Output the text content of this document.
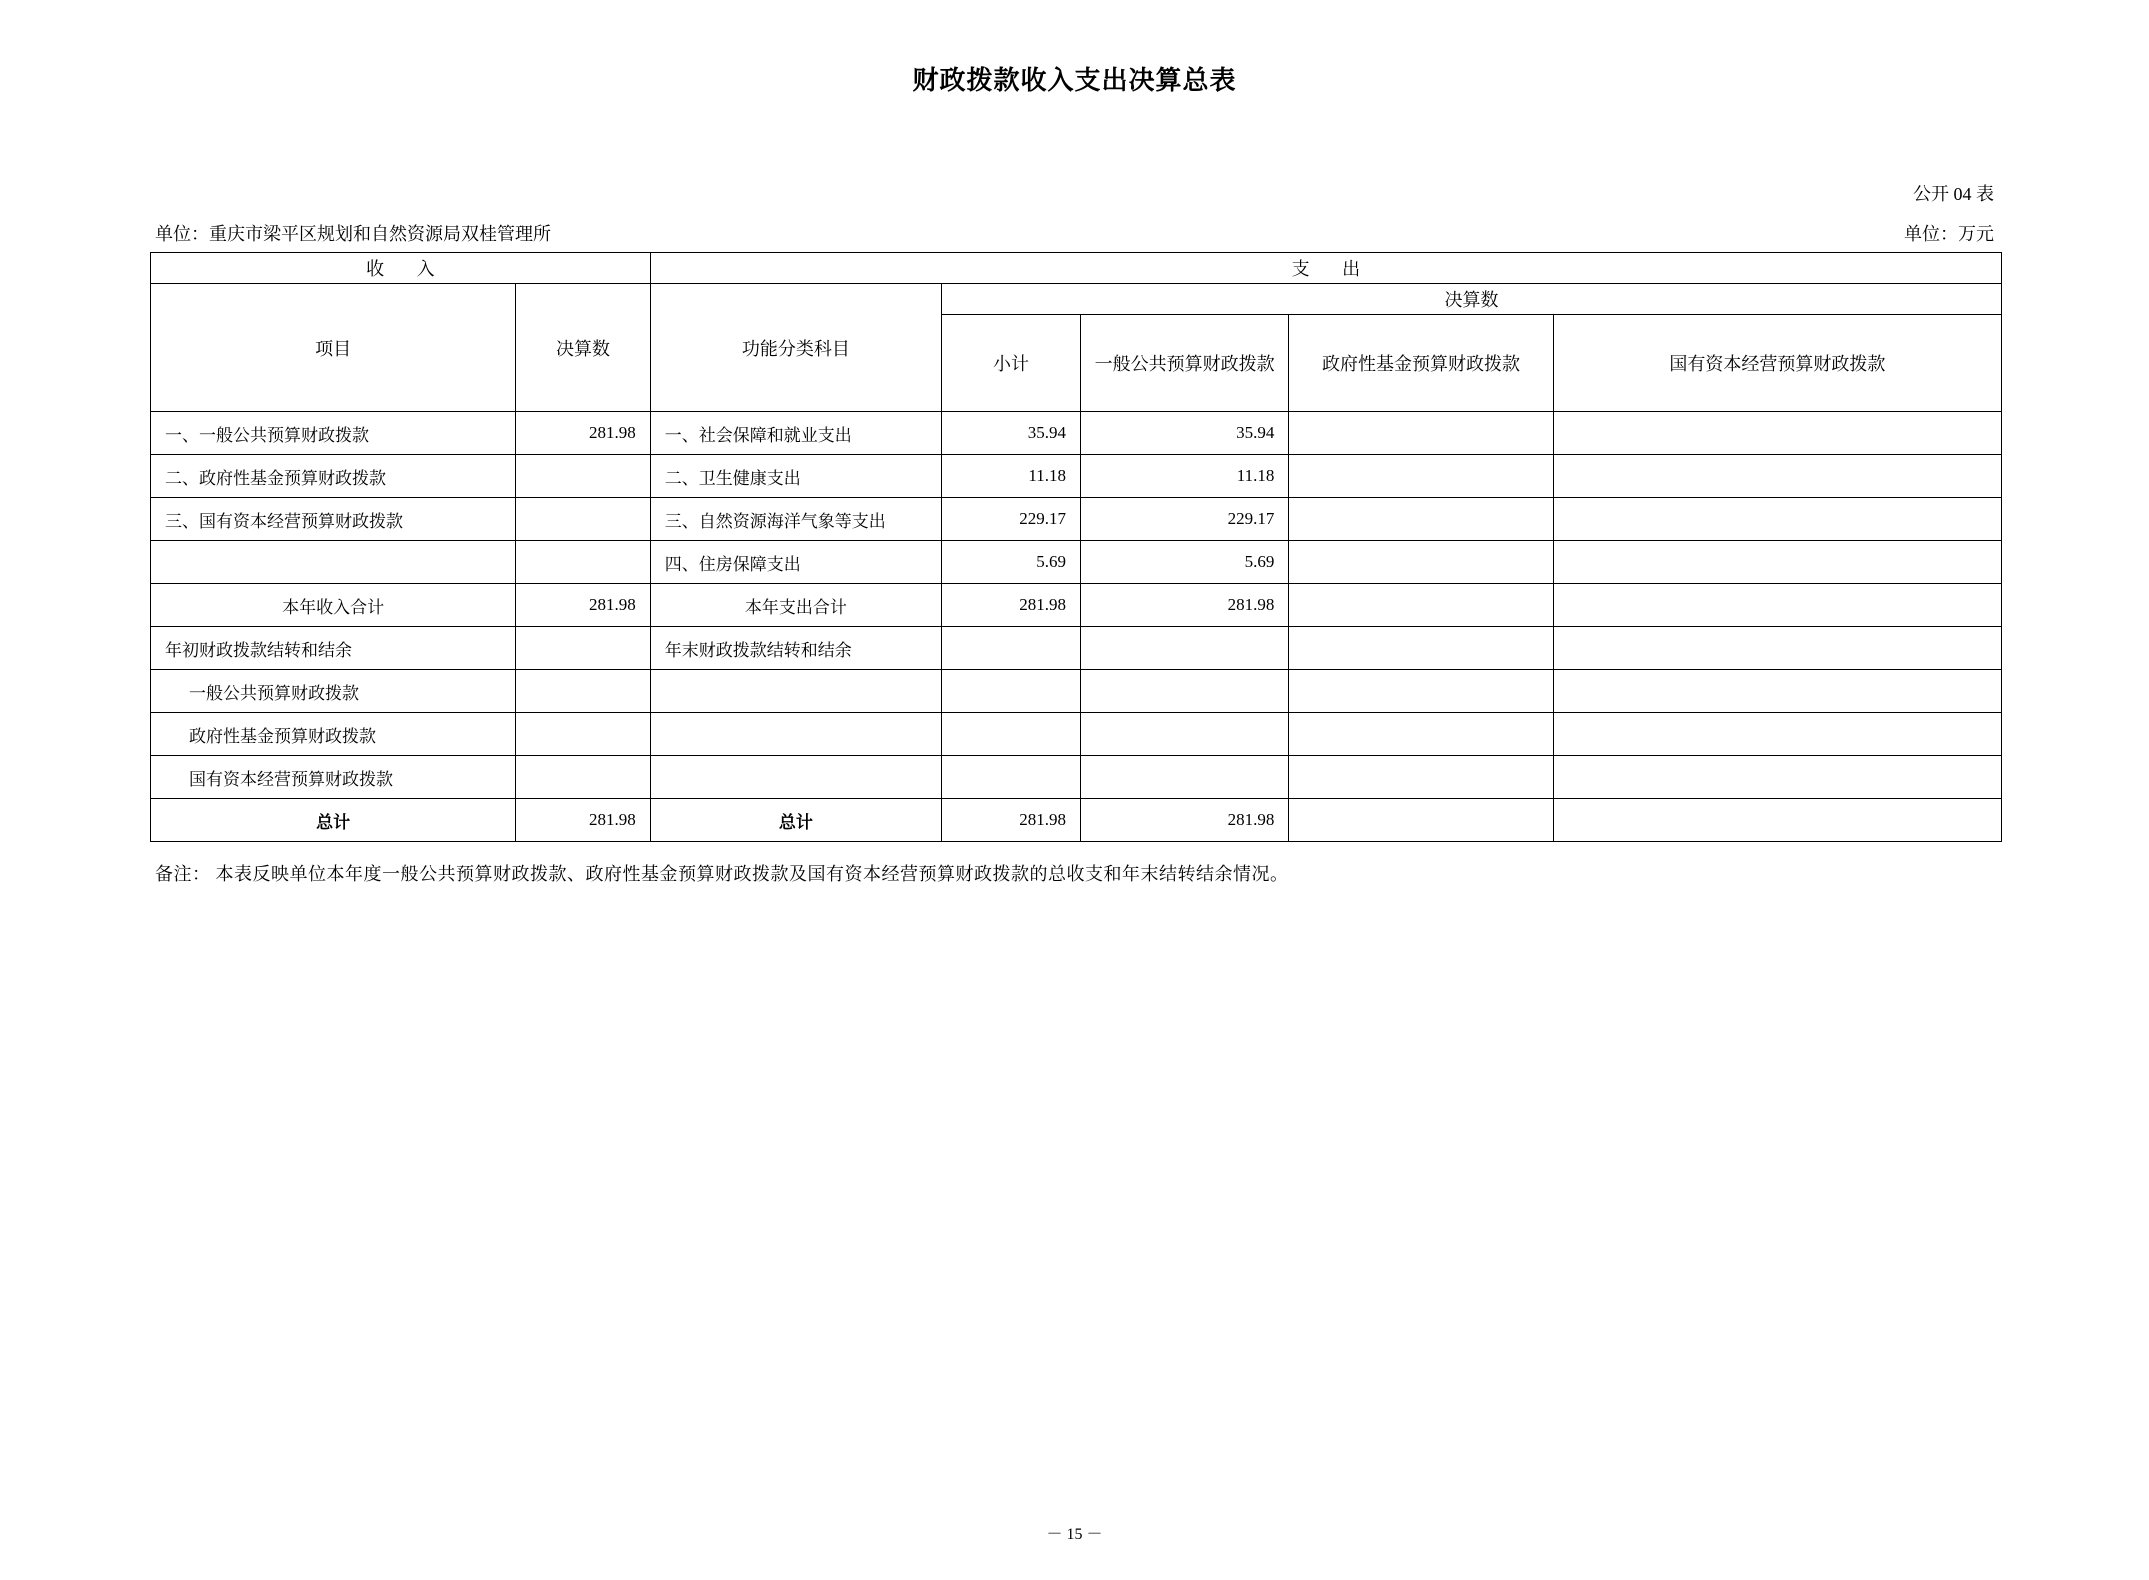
财政拨款收入支出决算总表
公开 04 表
单位：重庆市梁平区规划和自然资源局双桂管理所	单位：万元
收 入		支 出				
项目	决算数	功能分类科目	决算数			
			小计	一般公共预算财政拨款	政府性基金预算财政拨款	国有资本经营预算财政拨款
一、一般公共预算财政拨款	281.98	一、社会保障和就业支出	35.94	35.94		
二、政府性基金预算财政拨款		二、卫生健康支出	11.18	11.18		
三、国有资本经营预算财政拨款		三、自然资源海洋气象等支出	229.17	229.17		
		四、住房保障支出	5.69	5.69		
本年收入合计	281.98	本年支出合计	281.98	281.98		
年初财政拨款结转和结余		年末财政拨款结转和结余				
一般公共预算财政拨款						
政府性基金预算财政拨款						
国有资本经营预算财政拨款						
总计	281.98	总计	281.98	281.98		
备注： 本表反映单位本年度一般公共预算财政拨款、政府性基金预算财政拨款及国有资本经营预算财政拨款的总收支和年末结转结余情况。
－ 15 －
